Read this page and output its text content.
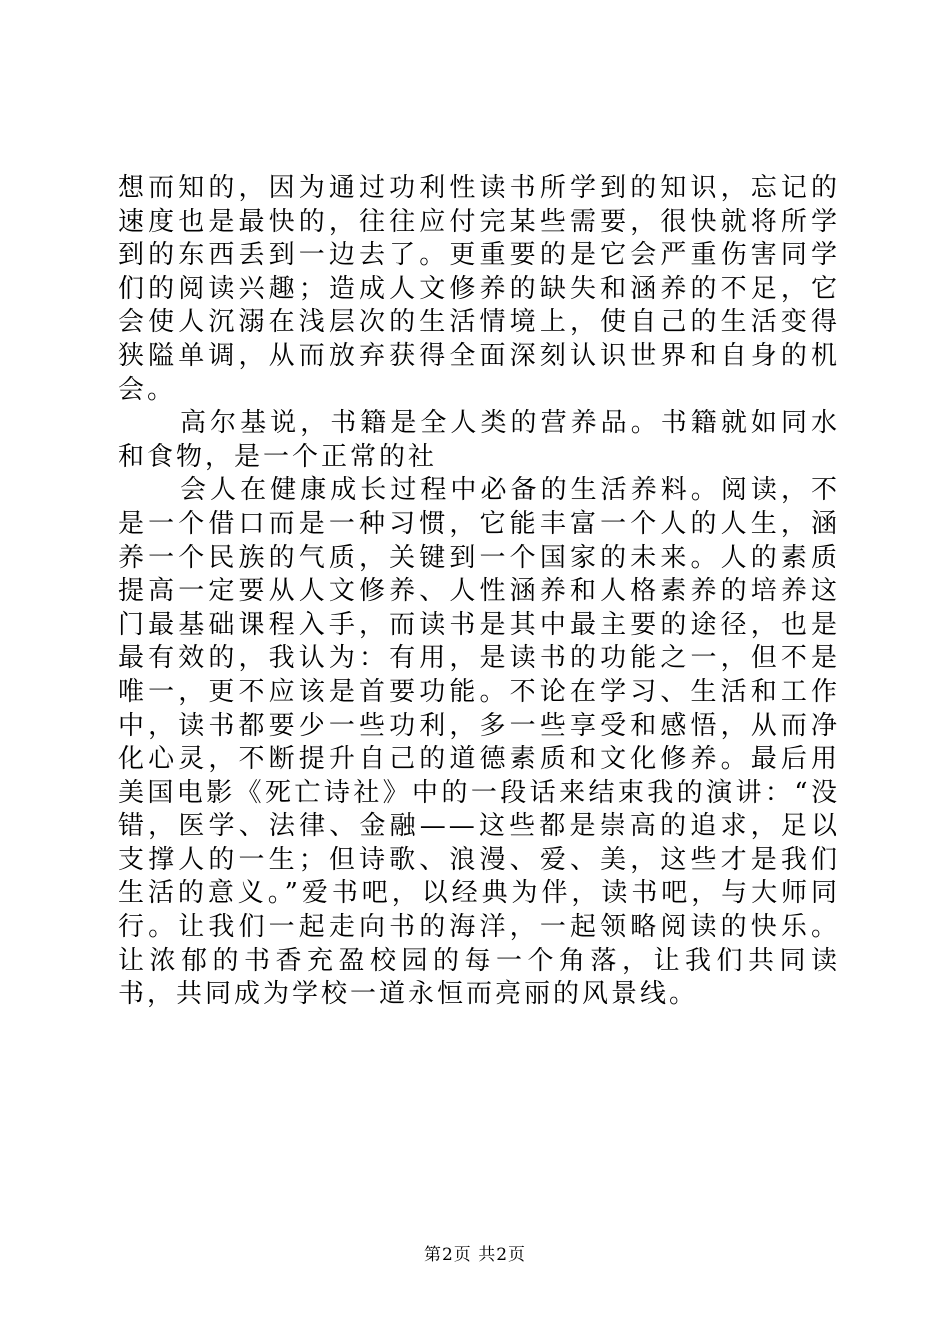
想而知的，因为通过功利性读书所学到的知识，忘记的速度也是最快的，往往应付完某些需要，很快就将所学到的东西丢到一边去了。更重要的是它会严重伤害同学们的阅读兴趣；造成人文修养的缺失和涵养的不足，它会使人沉溺在浅层次的生活情境上，使自己的生活变得狭隘单调，从而放弃获得全面深刻认识世界和自身的机会。

高尔基说，书籍是全人类的营养品。书籍就如同水和食物，是一个正常的社

会人在健康成长过程中必备的生活养料。阅读，不是一个借口而是一种习惯，它能丰富一个人的人生，涵养一个民族的气质，关键到一个国家的未来。人的素质提高一定要从人文修养、人性涵养和人格素养的培养这门最基础课程入手，而读书是其中最主要的途径，也是最有效的，我认为：有用，是读书的功能之一，但不是唯一，更不应该是首要功能。不论在学习、生活和工作中，读书都要少一些功利，多一些享受和感悟，从而净化心灵，不断提升自己的道德素质和文化修养。最后用美国电影《死亡诗社》中的一段话来结束我的演讲：“没错，医学、法律、金融——这些都是崇高的追求，足以支撑人的一生；但诗歌、浪漫、爱、美，这些才是我们生活的意义。”爱书吧，以经典为伴，读书吧，与大师同行。让我们一起走向书的海洋，一起领略阅读的快乐。让浓郁的书香充盈校园的每一个角落，让我们共同读书，共同成为学校一道永恒而亮丽的风景线。

第2页 共2页
